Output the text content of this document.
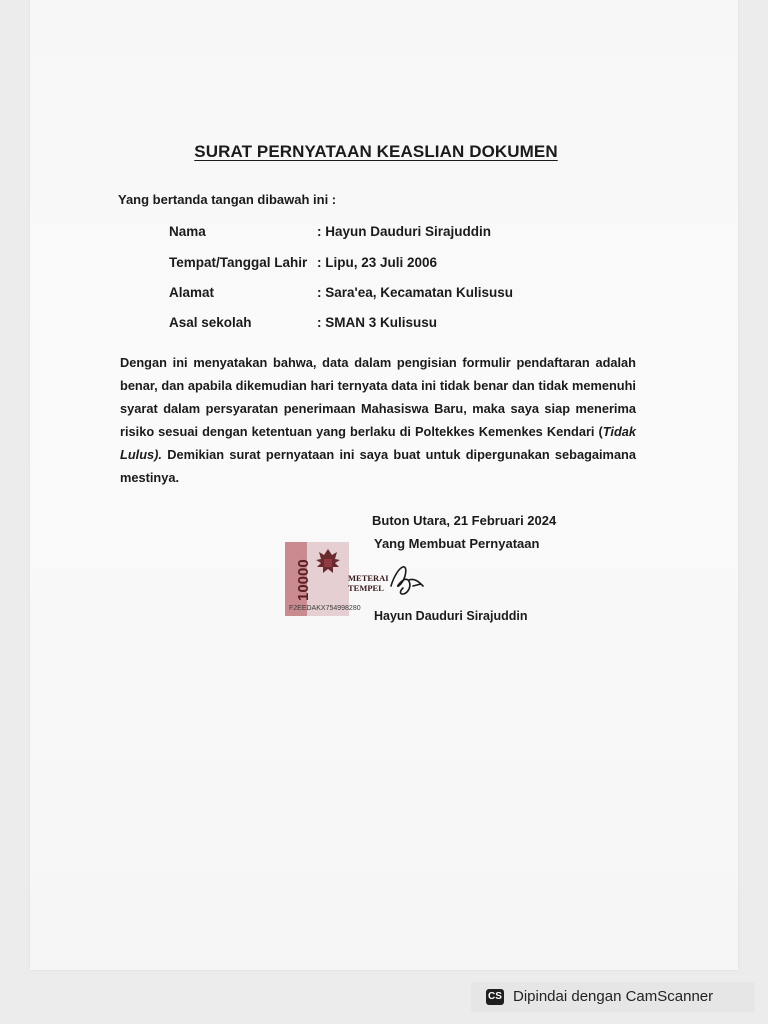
SURAT PERNYATAAN KEASLIAN DOKUMEN
Yang bertanda tangan dibawah ini :
Nama	: Hayun Dauduri Sirajuddin
Tempat/Tanggal Lahir : Lipu, 23 Juli 2006
Alamat	: Sara'ea, Kecamatan Kulisusu
Asal sekolah	: SMAN 3 Kulisusu
Dengan ini menyatakan bahwa, data dalam pengisian formulir pendaftaran adalah benar, dan apabila dikemudian hari ternyata data ini tidak benar dan tidak memenuhi syarat dalam persyaratan penerimaan Mahasiswa Baru, maka saya siap menerima risiko sesuai dengan ketentuan yang berlaku di Poltekkes Kemenkes Kendari (Tidak Lulus). Demikian surat pernyataan ini saya buat untuk dipergunakan sebagaimana mestinya.
Buton Utara, 21 Februari 2024
Yang Membuat Pernyataan
METERAI
TEMPEL
10000
F2EEDAKX754998280
Hayun Dauduri Sirajuddin
CS Dipindai dengan CamScanner
